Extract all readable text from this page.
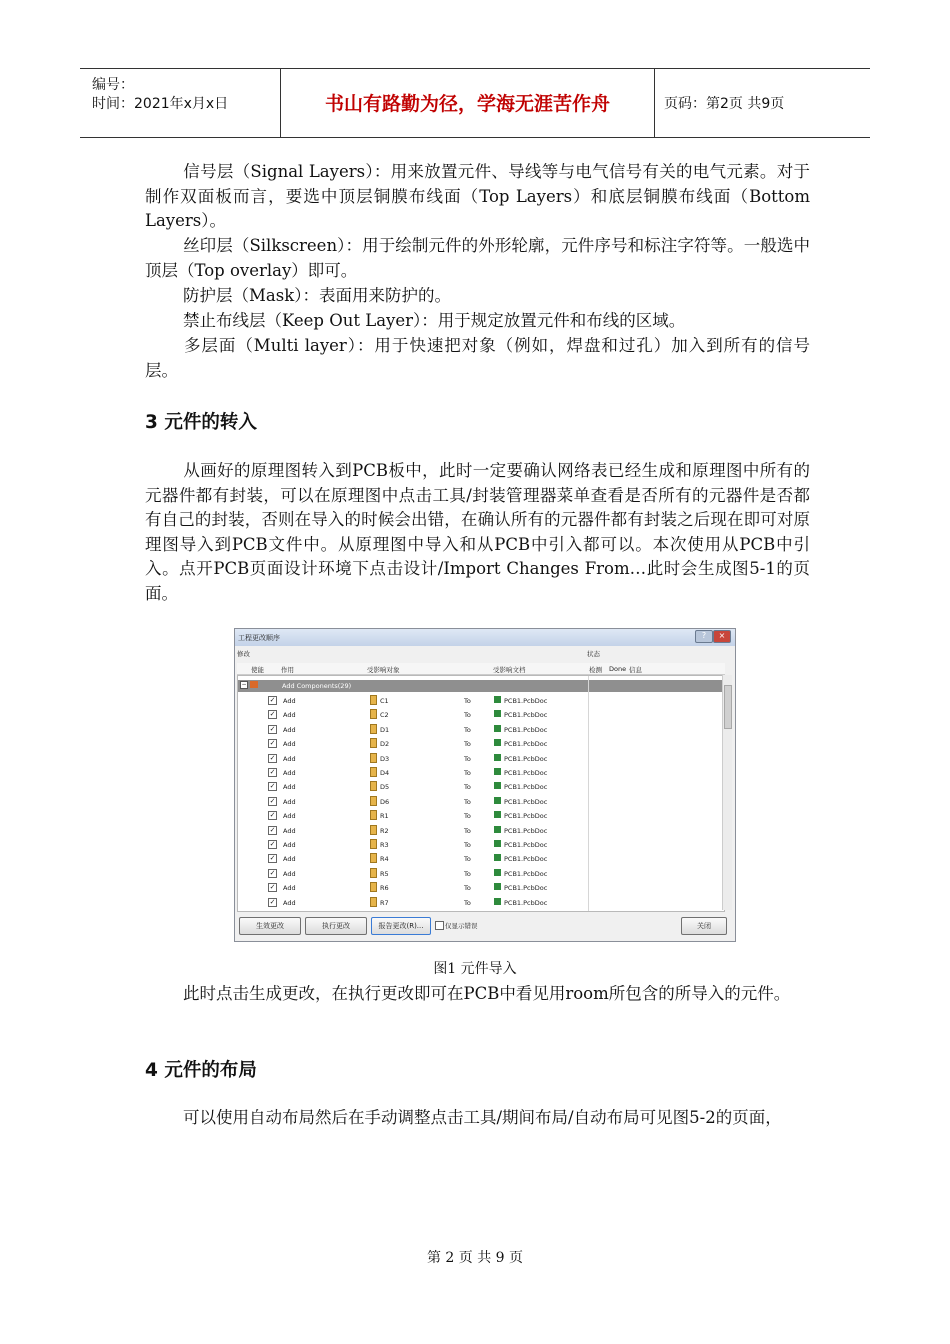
编号：
时间：2021年x月x日	书山有路勤为径，学海无涯苦作舟	页码：第2页 共9页

信号层（Signal Layers）：用来放置元件、导线等与电气信号有关的电气元素。对于制作双面板而言，要选中顶层铜膜布线面（Top Layers）和底层铜膜布线面（Bottom Layers）。

丝印层（Silkscreen）：用于绘制元件的外形轮廓，元件序号和标注字符等。一般选中顶层（Top overlay）即可。

防护层（Mask）：表面用来防护的。

禁止布线层（Keep Out Layer）：用于规定放置元件和布线的区域。

多层面（Multi layer）：用于快速把对象（例如，焊盘和过孔）加入到所有的信号层。

3 元件的转入

从画好的原理图转入到PCB板中，此时一定要确认网络表已经生成和原理图中所有的元器件都有封装，可以在原理图中点击工具/封装管理器菜单查看是否所有的元器件是否都有自己的封装，否则在导入的时候会出错，在确认所有的元器件都有封装之后现在即可对原理图导入到PCB文件中。从原理图中导入和从PCB中引入都可以。本次使用从PCB中引入。点开PCB页面设计环境下点击设计/Import Changes From…此时会生成图5-1的页面。

工程更改顺序	?	×
修改	状态
使能	作用	受影响对象	受影响文档	检测 Done 信息
−	Add Components(29)
✓ Add	C1	To	PCB1.PcbDoc
✓ Add	C2	To	PCB1.PcbDoc
✓ Add	D1	To	PCB1.PcbDoc
✓ Add	D2	To	PCB1.PcbDoc
✓ Add	D3	To	PCB1.PcbDoc
✓ Add	D4	To	PCB1.PcbDoc
✓ Add	D5	To	PCB1.PcbDoc
✓ Add	D6	To	PCB1.PcbDoc
✓ Add	R1	To	PCB1.PcbDoc
✓ Add	R2	To	PCB1.PcbDoc
✓ Add	R3	To	PCB1.PcbDoc
✓ Add	R4	To	PCB1.PcbDoc
✓ Add	R5	To	PCB1.PcbDoc
✓ Add	R6	To	PCB1.PcbDoc
✓ Add	R7	To	PCB1.PcbDoc
生效更改	执行更改	报告更改(R)...	仅显示错误	关闭
图1 元件导入

此时点击生成更改，在执行更改即可在PCB中看见用room所包含的所导入的元件。

4 元件的布局

可以使用自动布局然后在手动调整点击工具/期间布局/自动布局可见图5-2的页面，

第 2 页 共 9 页
